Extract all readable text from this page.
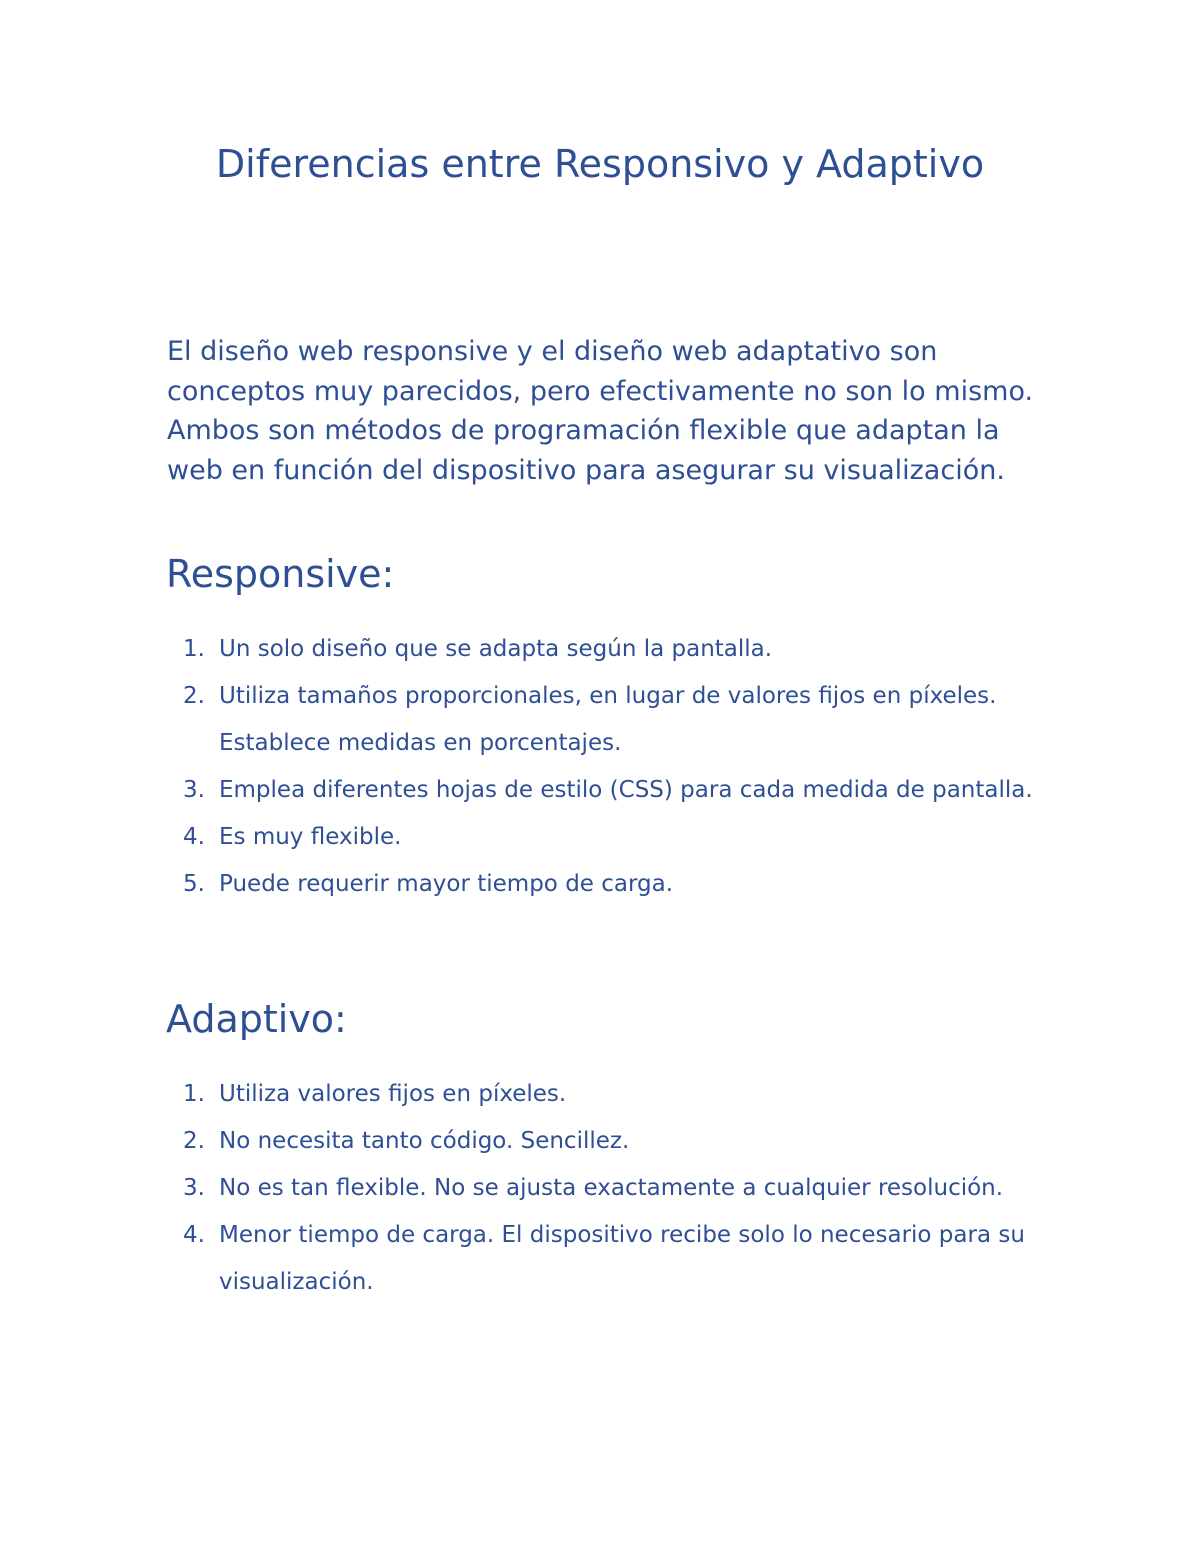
Diferencias entre Responsivo y Adaptivo

El diseño web responsive y el diseño web adaptativo son conceptos muy parecidos, pero efectivamente no son lo mismo. Ambos son métodos de programación flexible que adaptan la web en función del dispositivo para asegurar su visualización.

Responsive:
1. Un solo diseño que se adapta según la pantalla.
2. Utiliza tamaños proporcionales, en lugar de valores fijos en píxeles. Establece medidas en porcentajes.
3. Emplea diferentes hojas de estilo (CSS) para cada medida de pantalla.
4. Es muy flexible.
5. Puede requerir mayor tiempo de carga.
Adaptivo:
1. Utiliza valores fijos en píxeles.
2. No necesita tanto código. Sencillez.
3. No es tan flexible. No se ajusta exactamente a cualquier resolución.
4. Menor tiempo de carga. El dispositivo recibe solo lo necesario para su visualización.
